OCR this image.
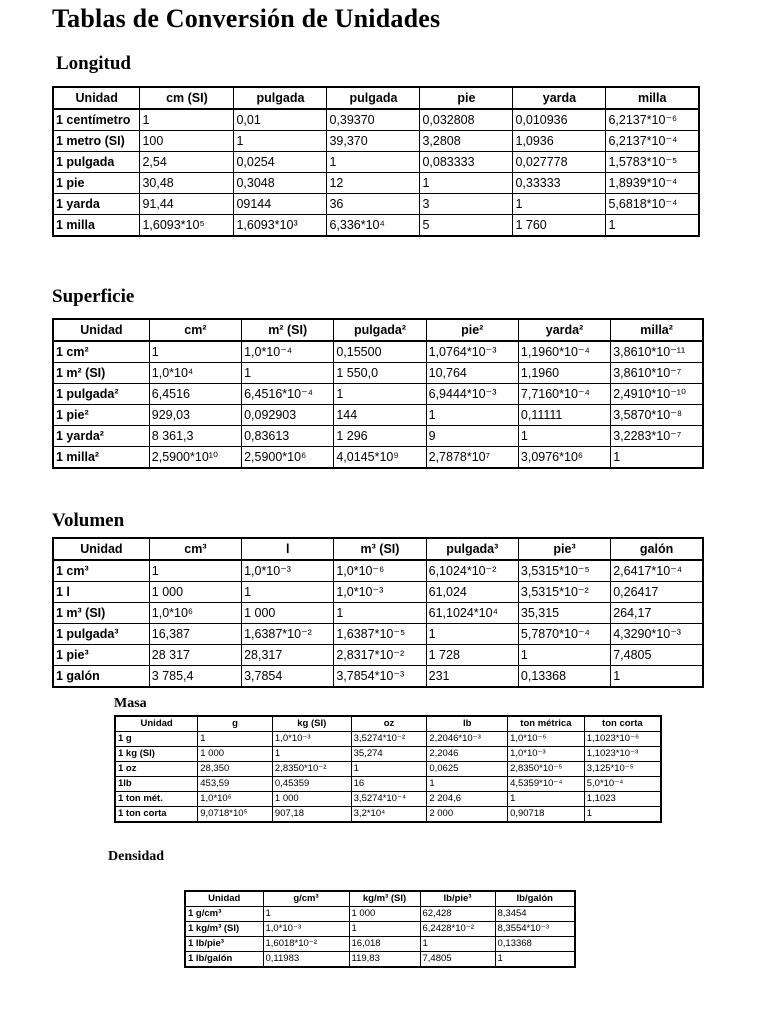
Tablas de Conversión de Unidades
Longitud
Unidad	cm (SI)	pulgada	pulgada	pie	yarda	milla
1 centímetro	1	0,01	0,39370	0,032808	0,010936	6,2137*10⁻⁶
1 metro (SI)	100	1	39,370	3,2808	1,0936	6,2137*10⁻⁴
1 pulgada	2,54	0,0254	1	0,083333	0,027778	1,5783*10⁻⁵
1 pie	30,48	0,3048	12	1	0,33333	1,8939*10⁻⁴
1 yarda	91,44	09144	36	3	1	5,6818*10⁻⁴
1 milla	1,6093*10⁵	1,6093*10³	6,336*10⁴	5	1 760	1
Superficie
Unidad	cm²	m² (SI)	pulgada²	pie²	yarda²	milla²
1 cm²	1	1,0*10⁻⁴	0,15500	1,0764*10⁻³	1,1960*10⁻⁴	3,8610*10⁻¹¹
1 m² (SI)	1,0*10⁴	1	1 550,0	10,764	1,1960	3,8610*10⁻⁷
1 pulgada²	6,4516	6,4516*10⁻⁴	1	6,9444*10⁻³	7,7160*10⁻⁴	2,4910*10⁻¹⁰
1 pie²	929,03	0,092903	144	1	0,11111	3,5870*10⁻⁸
1 yarda²	8 361,3	0,83613	1 296	9	1	3,2283*10⁻⁷
1 milla²	2,5900*10¹⁰	2,5900*10⁶	4,0145*10⁹	2,7878*10⁷	3,0976*10⁶	1
Volumen
Unidad	cm³	l	m³ (SI)	pulgada³	pie³	galón
1 cm³	1	1,0*10⁻³	1,0*10⁻⁶	6,1024*10⁻²	3,5315*10⁻⁵	2,6417*10⁻⁴
1 l	1 000	1	1,0*10⁻³	61,024	3,5315*10⁻²	0,26417
1 m³ (SI)	1,0*10⁶	1 000	1	61,1024*10⁴	35,315	264,17
1 pulgada³	16,387	1,6387*10⁻²	1,6387*10⁻⁵	1	5,7870*10⁻⁴	4,3290*10⁻³
1 pie³	28 317	28,317	2,8317*10⁻²	1 728	1	7,4805
1 galón	3 785,4	3,7854	3,7854*10⁻³	231	0,13368	1
Masa
Unidad	g	kg (SI)	oz	lb	ton métrica	ton corta
1 g	1	1,0*10⁻³	3,5274*10⁻²	2,2046*10⁻³	1,0*10⁻⁶	1,1023*10⁻⁶
1 kg (SI)	1 000	1	35,274	2,2046	1,0*10⁻³	1,1023*10⁻³
1 oz	28,350	2,8350*10⁻²	1	0,0625	2,8350*10⁻⁵	3,125*10⁻⁵
1lb	453,59	0,45359	16	1	4,5359*10⁻⁴	5,0*10⁻⁴
1 ton mét.	1,0*10⁶	1 000	3,5274*10⁻⁴	2 204,6	1	1,1023
1 ton corta	9,0718*10⁵	907,18	3,2*10⁴	2 000	0,90718	1
Densidad
Unidad	g/cm³	kg/m³ (SI)	lb/pie³	lb/galón
1 g/cm³	1	1 000	62,428	8,3454
1 kg/m³ (SI)	1,0*10⁻³	1	6,2428*10⁻²	8,3554*10⁻³
1 lb/pie³	1,6018*10⁻²	16,018	1	0,13368
1 lb/galón	0,11983	119,83	7,4805	1
